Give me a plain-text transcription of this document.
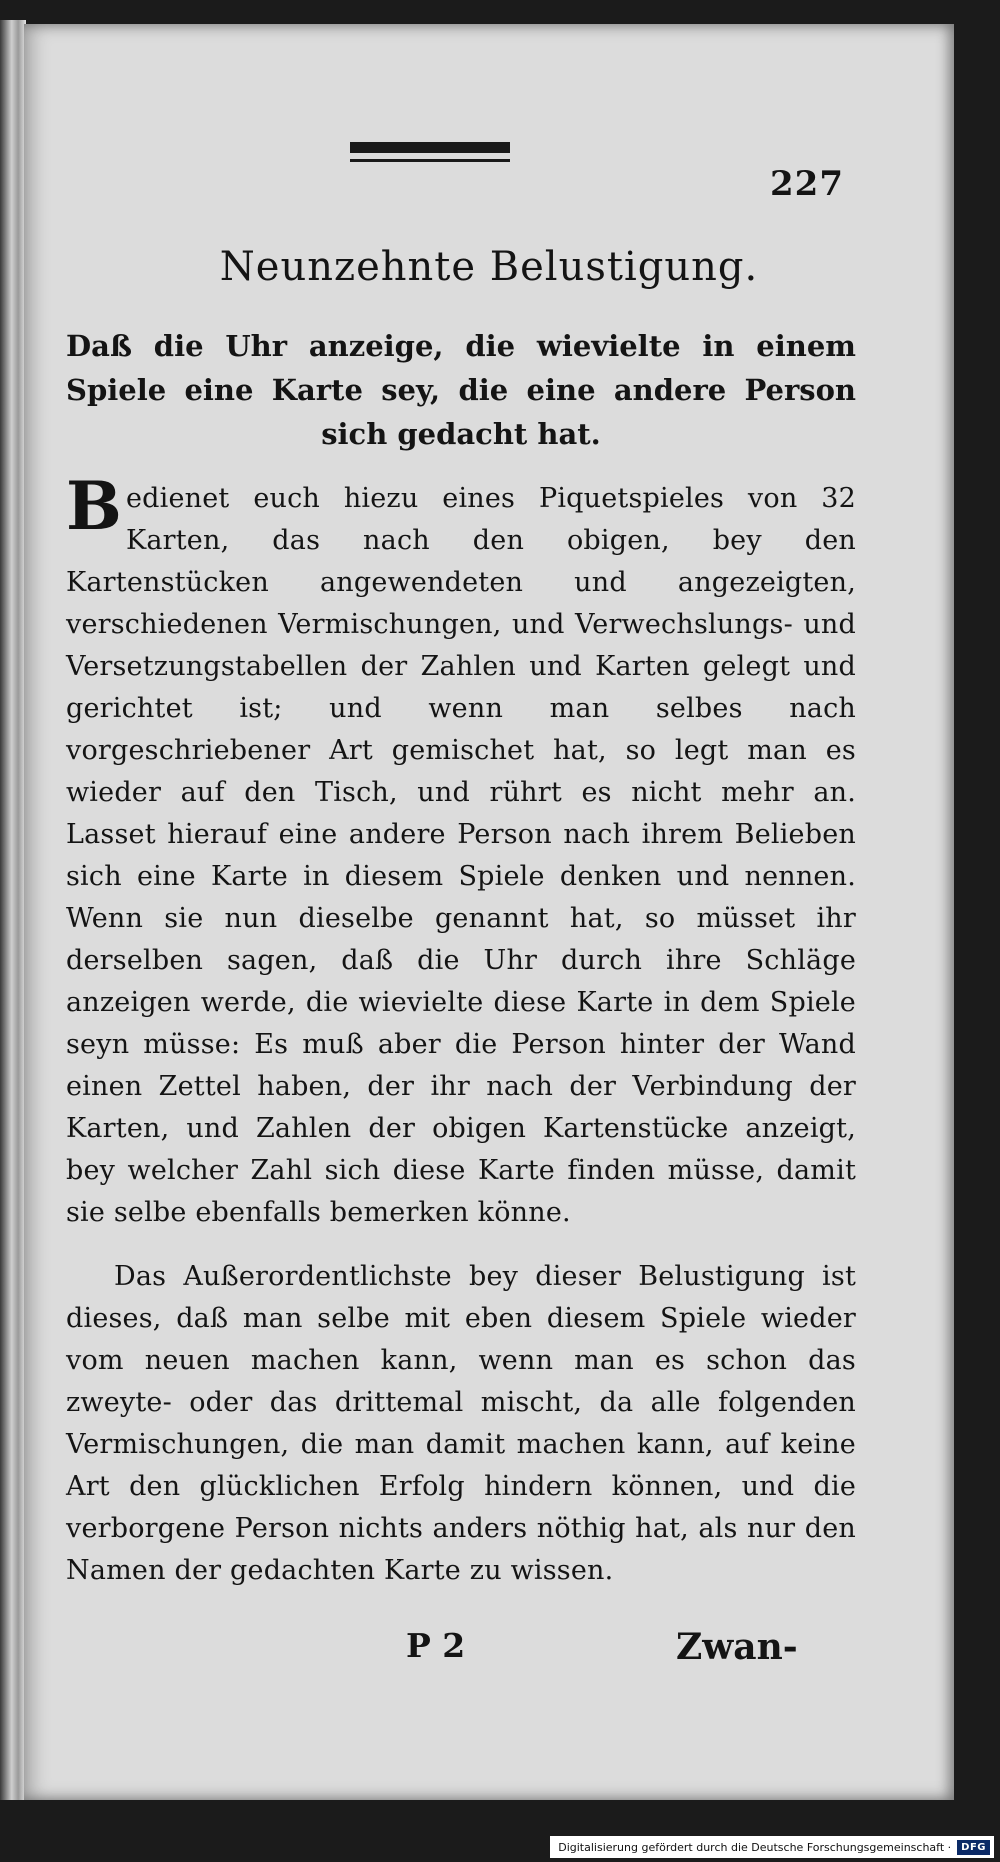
227
Neunzehnte Belustigung.
Daß die Uhr anzeige, die wievielte in einem Spiele eine Karte sey, die eine andere Person sich gedacht hat.
Bedienet euch hiezu eines Piquetspieles von 32 Karten, das nach den obigen, bey den Kartenstücken angewendeten und angezeigten, verschiedenen Vermischungen, und Verwechslungs- und Versetzungstabellen der Zahlen und Karten gelegt und gerichtet ist; und wenn man selbes nach vorgeschriebener Art gemischet hat, so legt man es wieder auf den Tisch, und rührt es nicht mehr an. Lasset hierauf eine andere Person nach ihrem Belieben sich eine Karte in diesem Spiele denken und nennen. Wenn sie nun dieselbe genannt hat, so müsset ihr derselben sagen, daß die Uhr durch ihre Schläge anzeigen werde, die wievielte diese Karte in dem Spiele seyn müsse: Es muß aber die Person hinter der Wand einen Zettel haben, der ihr nach der Verbindung der Karten, und Zahlen der obigen Kartenstücke anzeigt, bey welcher Zahl sich diese Karte finden müsse, damit sie selbe ebenfalls bemerken könne.
Das Außerordentlichste bey dieser Belustigung ist dieses, daß man selbe mit eben diesem Spiele wieder vom neuen machen kann, wenn man es schon das zweyte- oder das drittemal mischt, da alle folgenden Vermischungen, die man damit machen kann, auf keine Art den glücklichen Erfolg hindern können, und die verborgene Person nichts anders nöthig hat, als nur den Namen der gedachten Karte zu wissen.
P 2	Zwan-
Digitalisierung gefördert durch die Deutsche Forschungsgemeinschaft ·	DFG
